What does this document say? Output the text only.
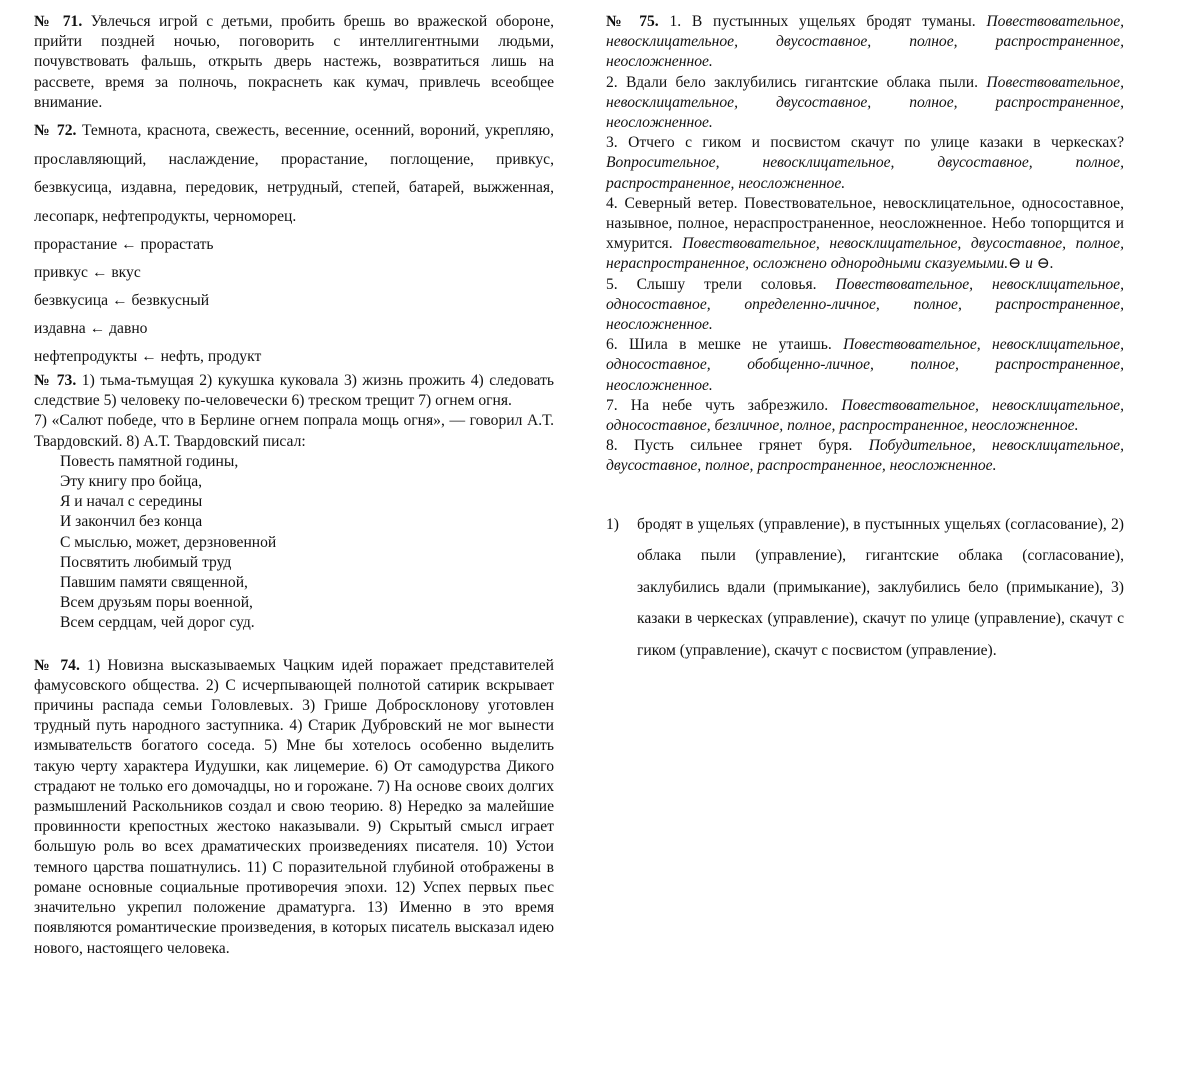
№ 71. Увлечься игрой с детьми, пробить брешь во вражеской обороне, прийти поздней ночью, поговорить с интеллигентными людьми, почувствовать фальшь, открыть дверь настежь, возвратиться лишь на рассвете, время за полночь, покраснеть как кумач, привлечь всеобщее внимание.

№ 72. Темнота, краснота, свежесть, весенние, осенний, вороний, укрепляю, прославляющий, наслаждение, прорастание, поглощение, привкус, безвкусица, издавна, передовик, нетрудный, степей, батарей, выжженная, лесопарк, нефтепродукты, черноморец.

прорастание ← прорастать
привкус ← вкус
безвкусица ← безвкусный
издавна ← давно
нефтепродукты ← нефть, продукт

№ 73. 1) тьма-тьмущая 2) кукушка куковала 3) жизнь прожить 4) следовать следствие 5) человеку по-человечески 6) треском трещит 7) огнем огня.

7) «Салют победе, что в Берлине огнем попрала мощь огня», — говорил А.Т. Твардовский. 8) А.Т. Твардовский писал:

Повесть памятной годины,
Эту книгу про бойца,
Я и начал с середины
И закончил без конца
С мыслью, может, дерзновенной
Посвятить любимый труд
Павшим памяти священной,
Всем друзьям поры военной,
Всем сердцам, чей дорог суд.

№ 74. 1) Новизна высказываемых Чацким идей поражает представителей фамусовского общества. 2) С исчерпывающей полнотой сатирик вскрывает причины распада семьи Головлевых. 3) Грише Добросклонову уготовлен трудный путь народного заступника. 4) Старик Дубровский не мог вынести измывательств богатого соседа. 5) Мне бы хотелось особенно выделить такую черту характера Иудушки, как лицемерие. 6) От самодурства Дикого страдают не только его домочадцы, но и горожане. 7) На основе своих долгих размышлений Раскольников создал и свою теорию. 8) Нередко за малейшие провинности крепостных жестоко наказывали. 9) Скрытый смысл играет большую роль во всех драматических произведениях писателя. 10) Устои темного царства пошатнулись. 11) С поразительной глубиной отображены в романе основные социальные противоречия эпохи. 12) Успех первых пьес значительно укрепил положение драматурга. 13) Именно в это время появляются романтические произведения, в которых писатель высказал идею нового, настоящего человека.

№ 75. 1. В пустынных ущельях бродят туманы. Повествовательное, невосклицательное, двусоставное, полное, распространенное, неосложненное.

2. Вдали бело заклубились гигантские облака пыли. Повествовательное, невосклицательное, двусоставное, полное, распространенное, неосложненное.

3. Отчего с гиком и посвистом скачут по улице казаки в черкесках? Вопросительное, невосклицательное, двусоставное, полное, распространенное, неосложненное.

4. Северный ветер. Повествовательное, невосклицательное, односоставное, назывное, полное, нераспространенное, неосложненное. Небо топорщится и хмурится. Повествовательное, невосклицательное, двусоставное, полное, нераспространенное, осложнено однородными сказуемыми.⊖ и ⊖.

5. Слышу трели соловья. Повествовательное, невосклицательное, односоставное, определенно-личное, полное, распространенное, неосложненное.

6. Шила в мешке не утаишь. Повествовательное, невосклицательное, односоставное, обобщенно-личное, полное, распространенное, неосложненное.

7. На небе чуть забрезжило. Повествовательное, невосклицательное, односоставное, безличное, полное, распространенное, неосложненное.

8. Пусть сильнее грянет буря. Побудительное, невосклицательное, двусоставное, полное, распространенное, неосложненное.

1) бродят в ущельях (управление), в пустынных ущельях (согласование), 2) облака пыли (управление), гигантские облака (согласование), заклубились вдали (примыкание), заклубились бело (примыкание), 3) казаки в черкесках (управление), скачут по улице (управление), скачут с гиком (управление), скачут с посвистом (управление).
